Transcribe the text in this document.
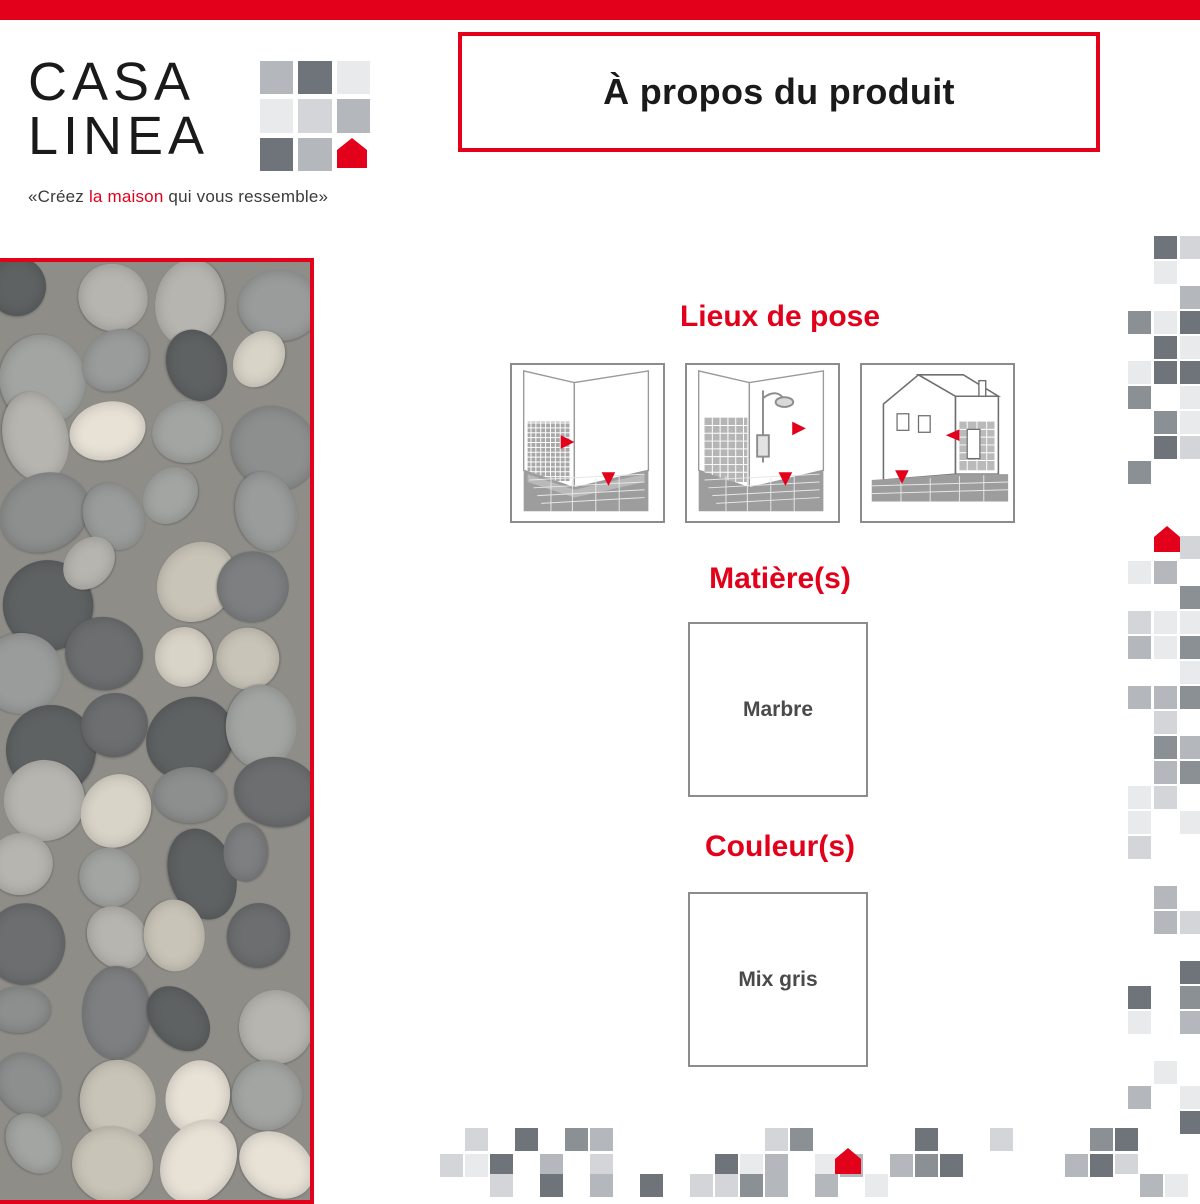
CASA
LINEA
«Créez la maison qui vous ressemble»
À propos du produit
Lieux de pose
Matière(s)
Marbre
Couleur(s)
Mix gris
